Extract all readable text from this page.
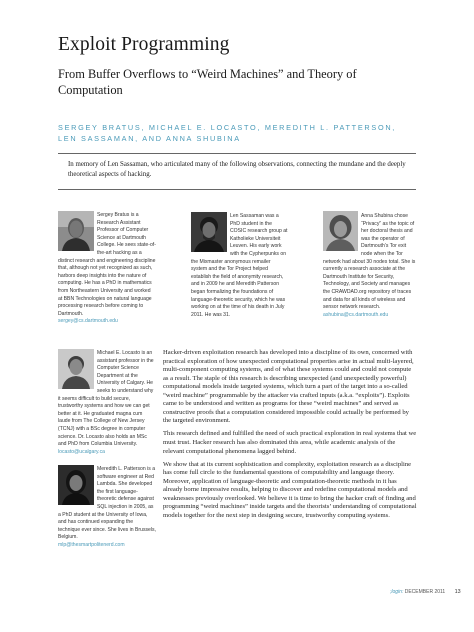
Exploit Programming
From Buffer Overflows to “Weird Machines” and Theory of Computation
SERGEY BRATUS, MICHAEL E. LOCASTO, MEREDITH L. PATTERSON, LEN SASSAMAN, AND ANNA SHUBINA
In memory of Len Sassaman, who articulated many of the following observations, connecting the mundane and the deeply theoretical aspects of hacking.
Sergey Bratus is a Research Assistant Professor of Computer Science at Dartmouth College. He sees state-of-the-art hacking as a distinct research and engineering discipline that, although not yet recognized as such, harbors deep insights into the nature of computing. He has a PhD in mathematics from Northeastern University and worked at BBN Technologies on natural language processing research before coming to Dartmouth.
sergey@cs.dartmouth.edu
Len Sassaman was a PhD student in the COSIC research group at Katholieke Universiteit Leuven. His early work with the Cypherpunks on the Mixmaster anonymous remailer system and the Tor Project helped establish the field of anonymity research, and in 2009 he and Meredith Patterson began formalizing the foundations of language-theoretic security, which he was working on at the time of his death in July 2011. He was 31.
Anna Shubina chose “Privacy” as the topic of her doctoral thesis and was the operator of Dartmouth’s Tor exit node when the Tor network had about 30 nodes total. She is currently a research associate at the Dartmouth Institute for Security, Technology, and Society and manages the CRAWDAD.org repository of traces and data for all kinds of wireless and sensor network research.
ashubina@cs.dartmouth.edu
Michael E. Locasto is an assistant professor in the Computer Science Department at the University of Calgary. He seeks to understand why it seems difficult to build secure, trustworthy systems and how we can get better at it. He graduated magna cum laude from The College of New Jersey (TCNJ) with a BSc degree in computer science. Dr. Locasto also holds an MSc and PhD from Columbia University.
locasto@ucalgary.ca
Meredith L. Patterson is a software engineer at Red Lambda. She developed the first language-theoretic defense against SQL injection in 2005, as a PhD student at the University of Iowa, and has continued expanding the technique ever since. She lives in Brussels, Belgium.
mlp@thesmartpolitenerd.com

Hacker-driven exploitation research has developed into a discipline of its own, concerned with practical exploration of how unexpected computational properties arise in actual multi-layered, multi-component computing systems, and of what these systems could and could not compute as a result. The staple of this research is describing unexpected (and unexpectedly powerful) computational models inside targeted systems, which turn a part of the target into a so-called “weird machine” programmable by the attacker via crafted inputs (a.k.a. “exploits”). Exploits came to be understood and written as programs for these “weird machines” and served as constructive proofs that a computation considered impossible could actually be performed by the targeted environment.

This research defined and fulfilled the need of such practical exploration in real systems that we must trust. Hacker research has also dominated this area, while academic analysis of the relevant computational phenomena lagged behind.

We show that at its current sophistication and complexity, exploitation research as a discipline has come full circle to the fundamental questions of computability and language theory. Moreover, application of language-theoretic and computation-theoretic methods in it has already borne impressive results, helping to discover and redefine computational models and weaknesses previously overlooked. We believe it is time to bring the hacker craft of finding and programming “weird machines” inside targets and the theorists’ understanding of computational models together for the next step in designing secure, trustworthy computing systems.

;login: DECEMBER 2011 13
